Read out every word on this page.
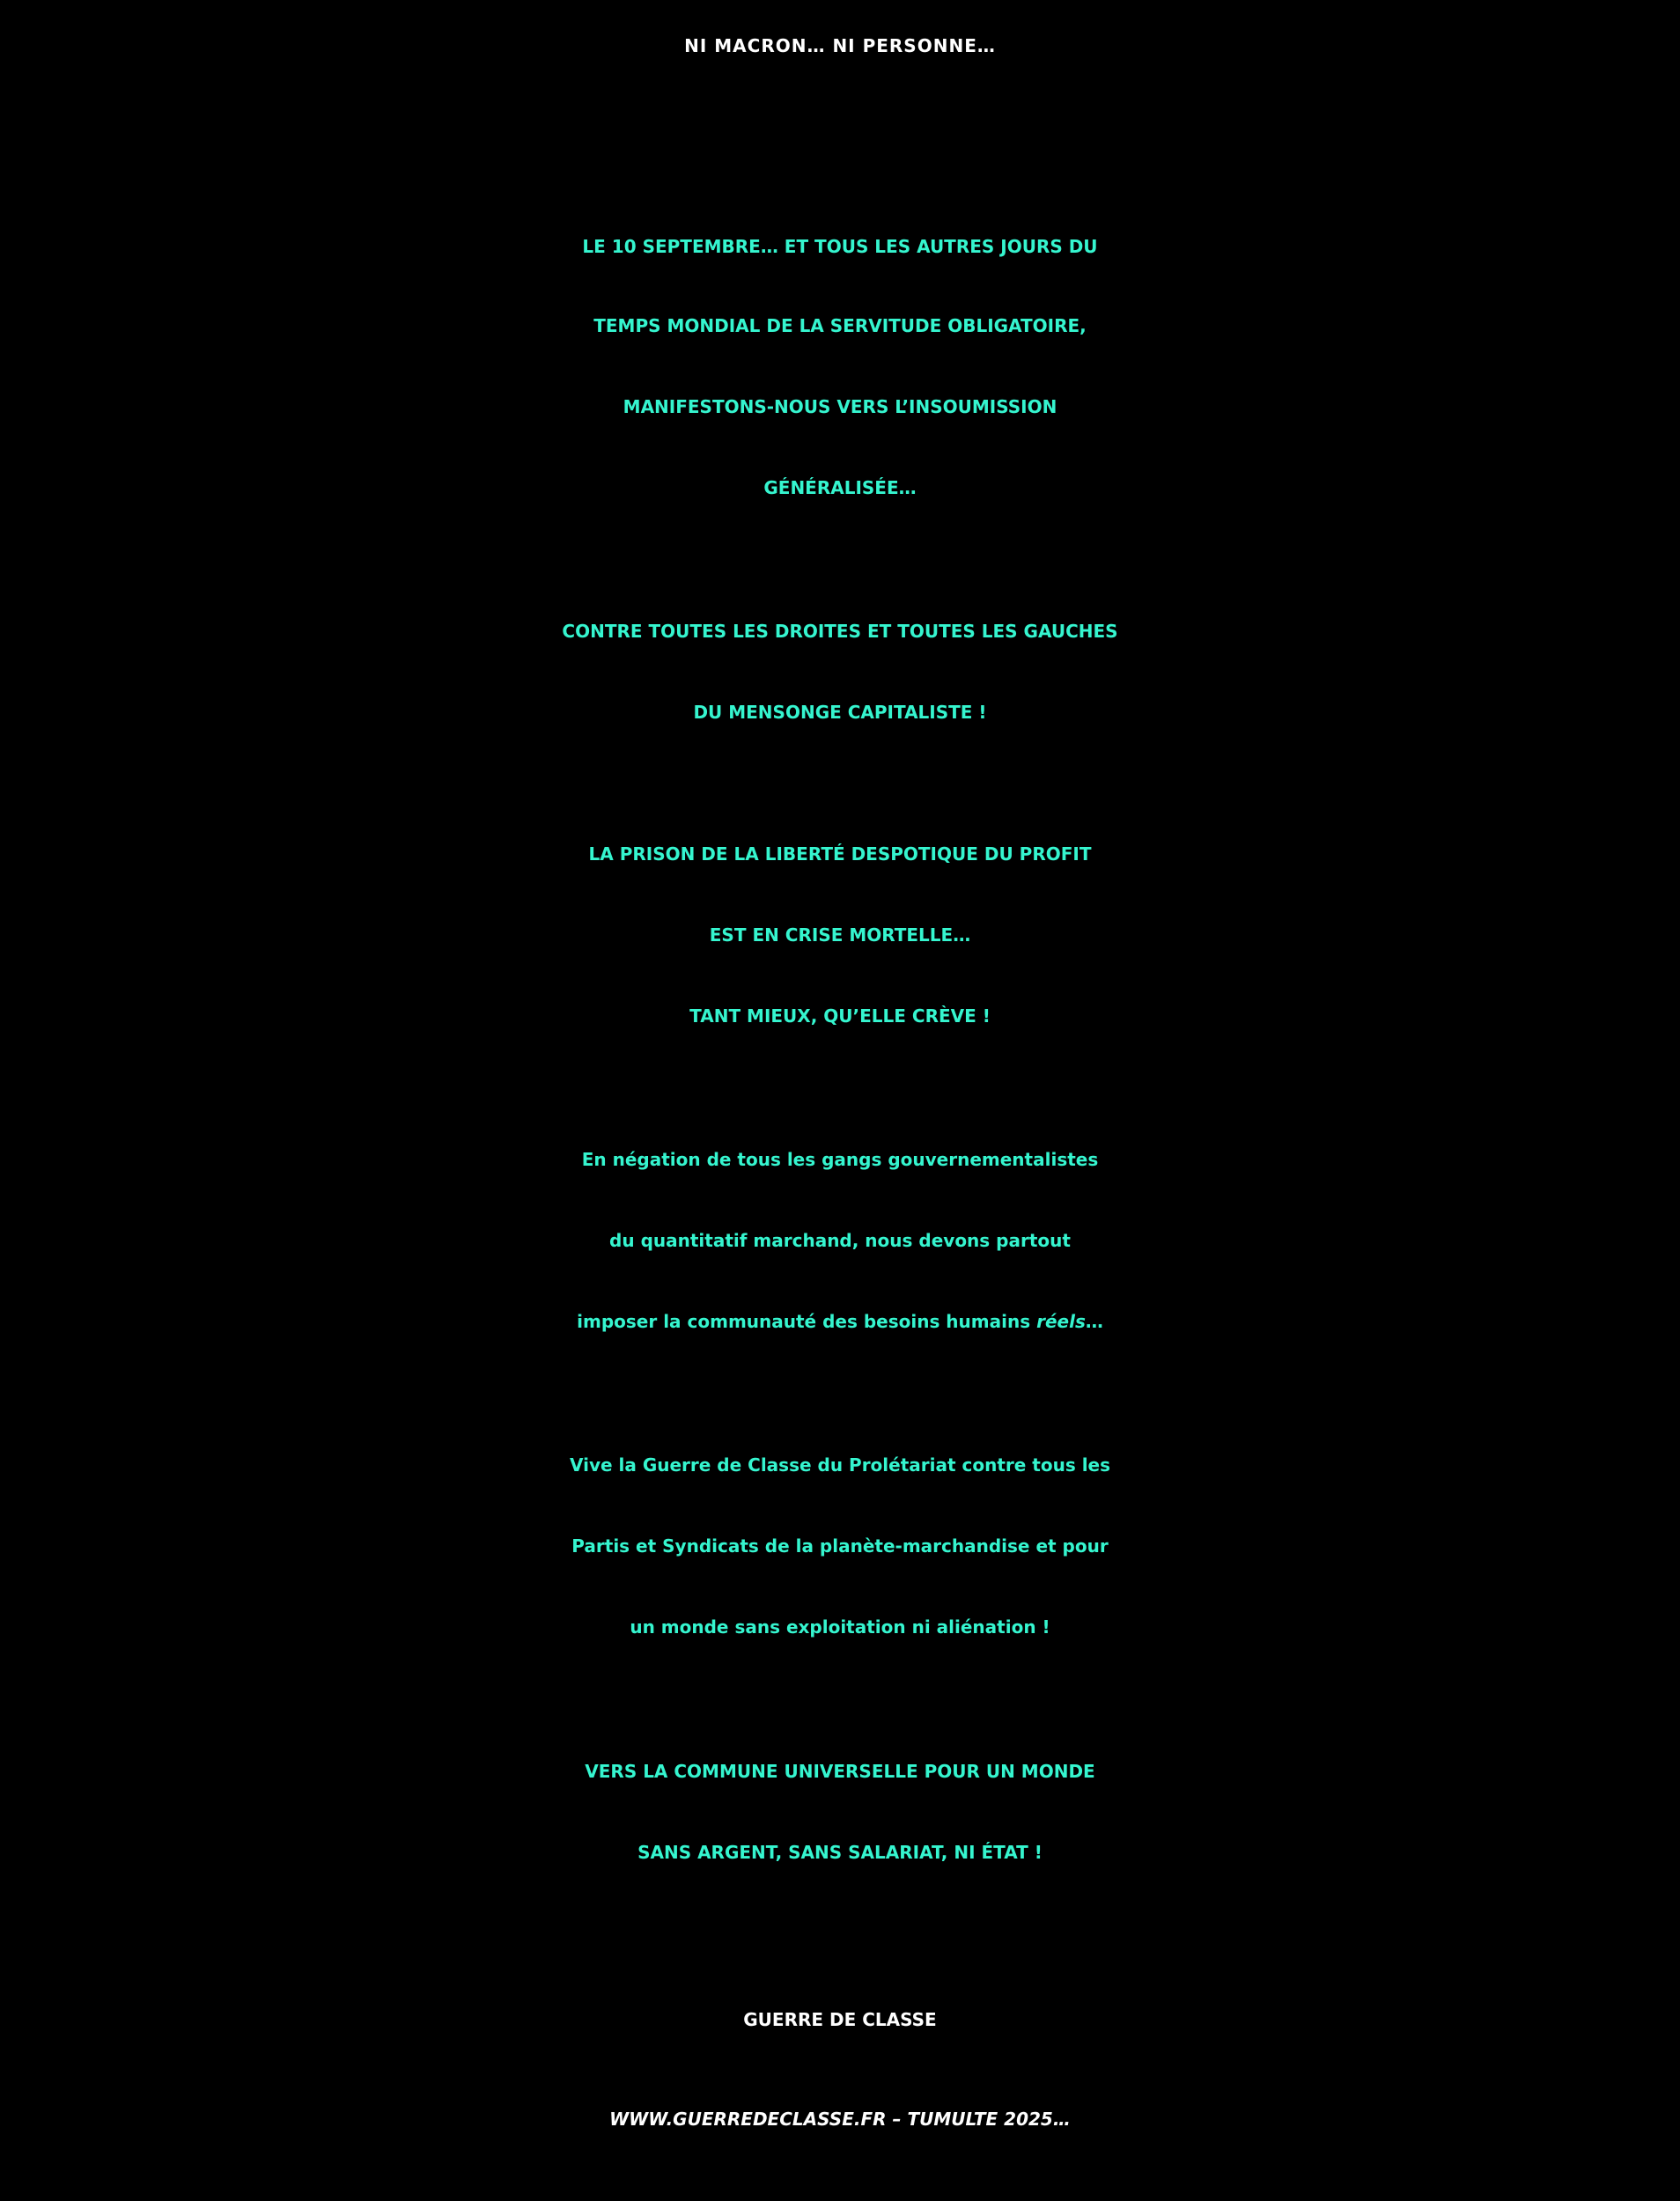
NI MACRON… NI PERSONNE…
LE 10 SEPTEMBRE… ET TOUS LES AUTRES JOURS DU
TEMPS MONDIAL DE LA SERVITUDE OBLIGATOIRE,
MANIFESTONS-NOUS VERS L’INSOUMISSION
GÉNÉRALISÉE…
CONTRE TOUTES LES DROITES ET TOUTES LES GAUCHES
DU MENSONGE CAPITALISTE !
LA PRISON DE LA LIBERTÉ DESPOTIQUE DU PROFIT
EST EN CRISE MORTELLE…
TANT MIEUX, QU’ELLE CRÈVE !
En négation de tous les gangs gouvernementalistes
du quantitatif marchand, nous devons partout
imposer la communauté des besoins humains réels…
Vive la Guerre de Classe du Prolétariat contre tous les
Partis et Syndicats de la planète-marchandise et pour
un monde sans exploitation ni aliénation !
VERS LA COMMUNE UNIVERSELLE POUR UN MONDE
SANS ARGENT, SANS SALARIAT, NI ÉTAT !
GUERRE DE CLASSE
WWW.GUERREDECLASSE.FR – TUMULTE 2025…
